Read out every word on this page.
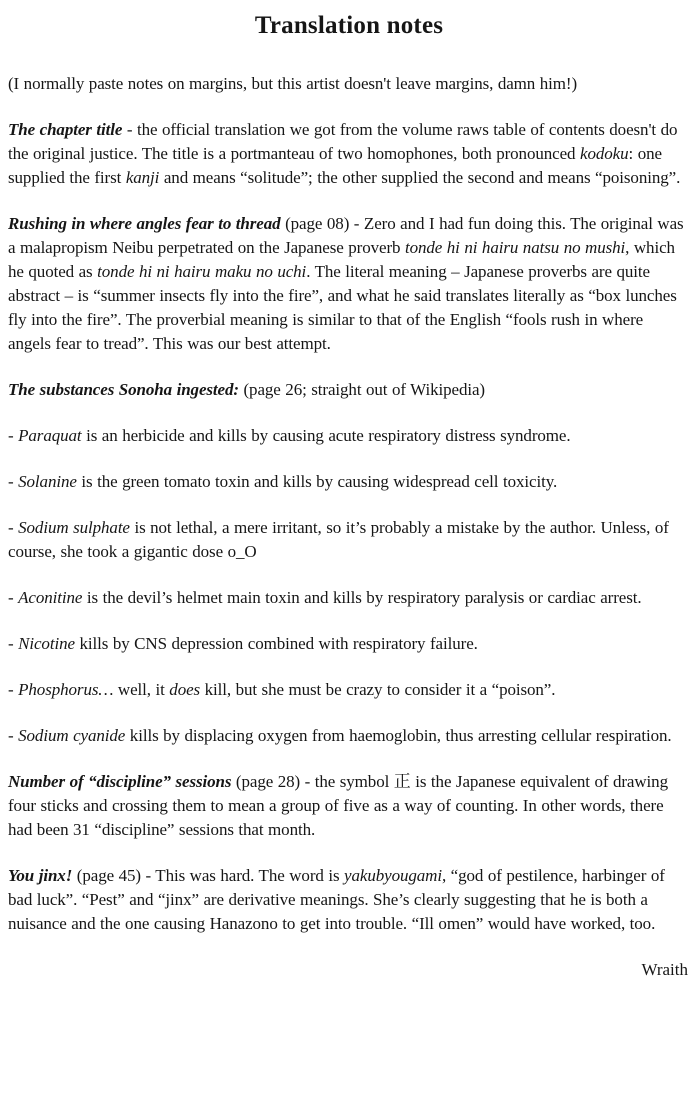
Translation notes

(I normally paste notes on margins, but this artist doesn't leave margins, damn him!)

The chapter title - the official translation we got from the volume raws table of contents doesn't do the original justice. The title is a portmanteau of two homophones, both pronounced kodoku: one supplied the first kanji and means “solitude”; the other supplied the second and means “poisoning”.

Rushing in where angles fear to thread (page 08) - Zero and I had fun doing this. The original was a malapropism Neibu perpetrated on the Japanese proverb tonde hi ni hairu natsu no mushi, which he quoted as tonde hi ni hairu maku no uchi. The literal meaning – Japanese proverbs are quite abstract – is “summer insects fly into the fire”, and what he said translates literally as “box lunches fly into the fire”. The proverbial meaning is similar to that of the English “fools rush in where angels fear to tread”. This was our best attempt.

The substances Sonoha ingested: (page 26; straight out of Wikipedia)

- Paraquat is an herbicide and kills by causing acute respiratory distress syndrome.

- Solanine is the green tomato toxin and kills by causing widespread cell toxicity.

- Sodium sulphate is not lethal, a mere irritant, so it’s probably a mistake by the author. Unless, of course, she took a gigantic dose o_O

- Aconitine is the devil’s helmet main toxin and kills by respiratory paralysis or cardiac arrest.

- Nicotine kills by CNS depression combined with respiratory failure.

- Phosphorus… well, it does kill, but she must be crazy to consider it a “poison”.

- Sodium cyanide kills by displacing oxygen from haemoglobin, thus arresting cellular respiration.

Number of “discipline” sessions (page 28) - the symbol 正 is the Japanese equivalent of drawing four sticks and crossing them to mean a group of five as a way of counting. In other words, there had been 31 “discipline” sessions that month.

You jinx! (page 45) - This was hard. The word is yakubyougami, “god of pestilence, harbinger of bad luck”. “Pest” and “jinx” are derivative meanings. She’s clearly suggesting that he is both a nuisance and the one causing Hanazono to get into trouble. “Ill omen” would have worked, too.

Wraith
